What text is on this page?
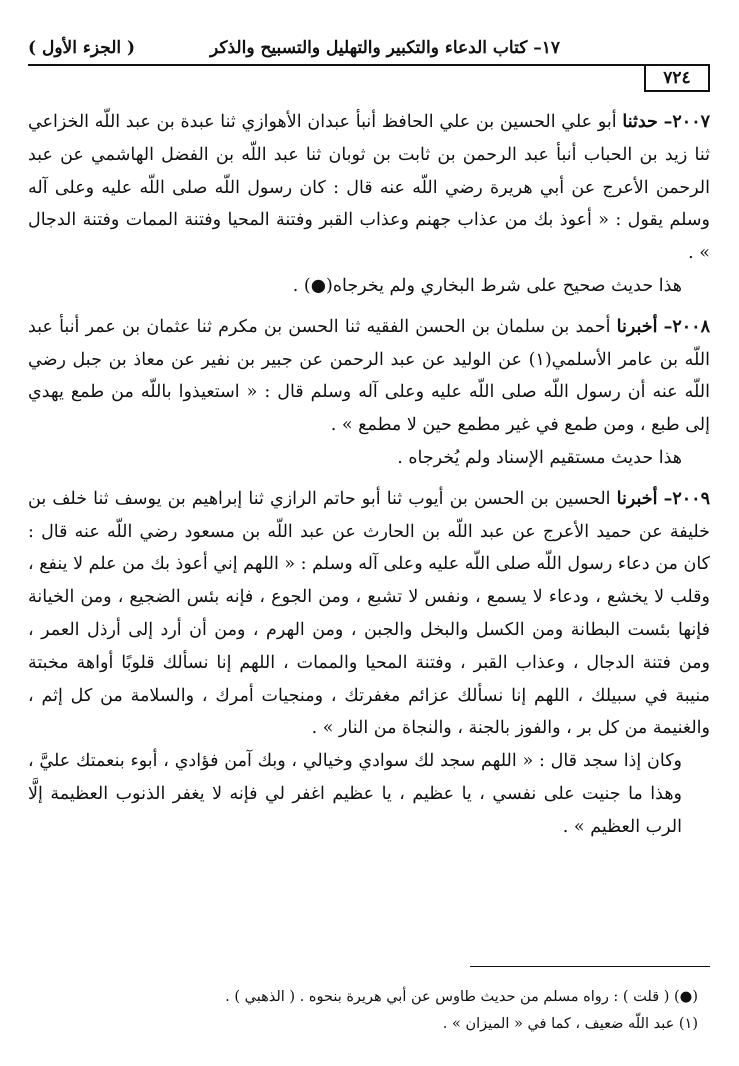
١٧– كتاب الدعاء والتكبير والتهليل والتسبيح والذكر
( الجزء الأول )
٧٢٤

٢٠٠٧– حدثنا أبو علي الحسين بن علي الحافظ أنبأ عبدان الأهوازي ثنا عبدة بن عبد اللّه الخزاعي ثنا زيد بن الحباب أنبأ عبد الرحمن بن ثابت بن ثوبان ثنا عبد اللّه بن الفضل الهاشمي عن عبد الرحمن الأعرج عن أبي هريرة رضي اللّه عنه قال : كان رسول اللّه صلى اللّه عليه وعلى آله وسلم يقول : « أعوذ بك من عذاب جهنم وعذاب القبر وفتنة المحيا وفتنة الممات وفتنة الدجال » .

هذا حديث صحيح على شرط البخاري ولم يخرجاه(●) .

٢٠٠٨– أخبرنا أحمد بن سلمان بن الحسن الفقيه ثنا الحسن بن مكرم ثنا عثمان بن عمر أنبأ عبد اللّه بن عامر الأسلمي(١) عن الوليد عن عبد الرحمن عن جبير بن نفير عن معاذ بن جبل رضي اللّه عنه أن رسول اللّه صلى اللّه عليه وعلى آله وسلم قال : « استعيذوا باللّه من طمع يهدي إلى طبع ، ومن طمع في غير مطمع حين لا مطمع » .

هذا حديث مستقيم الإسناد ولم يُخرجاه .

٢٠٠٩– أخبرنا الحسين بن الحسن بن أيوب ثنا أبو حاتم الرازي ثنا إبراهيم بن يوسف ثنا خلف بن خليفة عن حميد الأعرج عن عبد اللّه بن الحارث عن عبد اللّه بن مسعود رضي اللّه عنه قال : كان من دعاء رسول اللّه صلى اللّه عليه وعلى آله وسلم : « اللهم إني أعوذ بك من علم لا ينفع ، وقلب لا يخشع ، ودعاء لا يسمع ، ونفس لا تشبع ، ومن الجوع ، فإنه بئس الضجيع ، ومن الخيانة فإنها بئست البطانة ومن الكسل والبخل والجبن ، ومن الهرم ، ومن أن أرد إلى أرذل العمر ، ومن فتنة الدجال ، وعذاب القبر ، وفتنة المحيا والممات ، اللهم إنا نسألك قلوبًا أواهة مخبتة منيبة في سبيلك ، اللهم إنا نسألك عزائم مغفرتك ، ومنجيات أمرك ، والسلامة من كل إثم ، والغنيمة من كل بر ، والفوز بالجنة ، والنجاة من النار » .

وكان إذا سجد قال : « اللهم سجد لك سوادي وخيالي ، وبك آمن فؤادي ، أبوء بنعمتك عليَّ ، وهذا ما جنيت على نفسي ، يا عظيم ، يا عظيم اغفر لي فإنه لا يغفر الذنوب العظيمة إلَّا الرب العظيم » .

(●) ( قلت ) : رواه مسلم من حديث طاوس عن أبي هريرة بنحوه . ( الذهبي ) .

(١) عبد اللّه ضعيف ، كما في « الميزان » .
